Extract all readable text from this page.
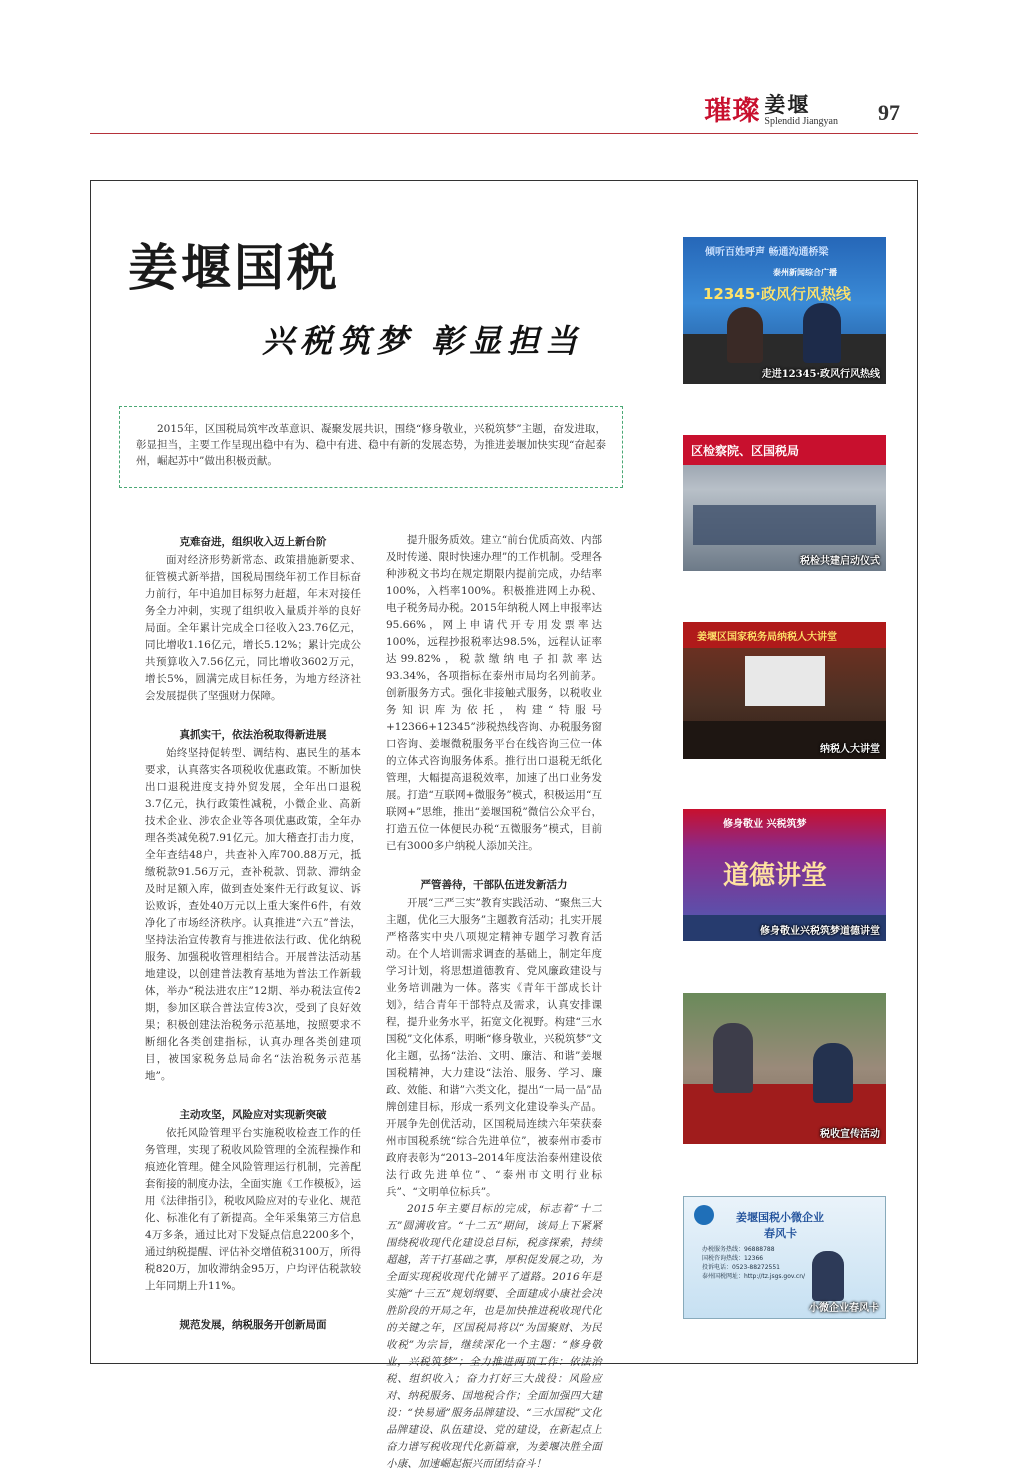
璀璨 姜堰
Splendid Jiangyan 97
姜堰国税
兴税筑梦 彰显担当
2015年，区国税局筑牢改革意识、凝聚发展共识，围绕“修身敬业，兴税筑梦”主题，奋发进取，彰显担当，主要工作呈现出稳中有为、稳中有进、稳中有新的发展态势，为推进姜堰加快实现“奋起泰州，崛起苏中”做出积极贡献。
克难奋进，组织收入迈上新台阶

面对经济形势新常态、政策措施新要求、征管模式新举措，国税局围绕年初工作目标奋力前行，年中追加目标努力赶超，年末对接任务全力冲刺，实现了组织收入量质并举的良好局面。全年累计完成全口径收入23.76亿元，同比增收1.16亿元，增长5.12%；累计完成公共预算收入7.56亿元，同比增收3602万元，增长5%，圆满完成目标任务，为地方经济社会发展提供了坚强财力保障。

真抓实干，依法治税取得新进展

始终坚持促转型、调结构、惠民生的基本要求，认真落实各项税收优惠政策。不断加快出口退税进度支持外贸发展，全年出口退税3.7亿元，执行政策性减税，小微企业、高新技术企业、涉农企业等各项优惠政策，全年办理各类减免税7.91亿元。加大稽查打击力度，全年查结48户，共查补入库700.88万元，抵缴税款91.56万元，查补税款、罚款、滞纳金及时足额入库，做到查处案件无行政复议、诉讼败诉，查处40万元以上重大案件6件，有效净化了市场经济秩序。认真推进“六五”普法，坚持法治宣传教育与推进依法行政、优化纳税服务、加强税收管理相结合。开展普法活动基地建设，以创建普法教育基地为普法工作新载体，举办“税法进农庄”12期、举办税法宣传2期，参加区联合普法宣传3次，受到了良好效果；积极创建法治税务示范基地，按照要求不断细化各类创建指标，认真办理各类创建项目，被国家税务总局命名“法治税务示范基地”。

主动攻坚，风险应对实现新突破

依托风险管理平台实施税收检查工作的任务管理，实现了税收风险管理的全流程操作和痕迹化管理。健全风险管理运行机制，完善配套衔接的制度办法，全面实施《工作模板》，运用《法律指引》，税收风险应对的专业化、规范化、标准化有了新提高。全年采集第三方信息4万多条，通过比对下发疑点信息2200多个，通过纳税提醒、评估补交增值税3100万，所得税820万，加收滞纳金95万，户均评估税款较上年同期上升11%。

规范发展，纳税服务开创新局面

提升服务质效。建立“前台优质高效、内部及时传递、限时快速办理”的工作机制。受理各种涉税文书均在规定期限内提前完成，办结率100%，入档率100%。积极推进网上办税、电子税务局办税。2015年纳税人网上申报率达95.66%，网上申请代开专用发票率达100%，远程抄报税率达98.5%，远程认证率达99.82%，税款缴纳电子扣款率达93.34%，各项指标在泰州市局均名列前茅。创新服务方式。强化非接触式服务，以税收业务知识库为依托，构建“特服号+12366+12345”涉税热线咨询、办税服务窗口咨询、姜堰微税服务平台在线咨询三位一体的立体式咨询服务体系。推行出口退税无纸化管理，大幅提高退税效率，加速了出口业务发展。打造“互联网+微服务”模式，积极运用“互联网+”思维，推出“姜堰国税”微信公众平台，打造五位一体便民办税“五微服务”模式，目前已有3000多户纳税人添加关注。

严管善待，干部队伍迸发新活力

开展“三严三实”教育实践活动、“聚焦三大主题，优化三大服务”主题教育活动；扎实开展严格落实中央八项规定精神专题学习教育活动。在个人培训需求调查的基础上，制定年度学习计划，将思想道德教育、党风廉政建设与业务培训融为一体。落实《青年干部成长计划》，结合青年干部特点及需求，认真安排课程，提升业务水平，拓宽文化视野。构建“三水国税”文化体系，明晰“修身敬业，兴税筑梦”文化主题，弘扬“法治、文明、廉洁、和谐”姜堰国税精神，大力建设“法治、服务、学习、廉政、效能、和谐”六类文化，提出“一局一品”品牌创建目标，形成一系列文化建设拳头产品。开展争先创优活动，区国税局连续六年荣获泰州市国税系统“综合先进单位”，被泰州市委市政府表彰为“2013–2014年度法治泰州建设依法行政先进单位”、“泰州市文明行业标兵”、“文明单位标兵”。

2015年主要目标的完成，标志着“十二五”圆满收官。“十二五”期间，该局上下紧紧围绕税收现代化建设总目标，税彦探索，持续超越，苦干打基础之事，厚积促发展之功，为全面实现税收现代化铺平了道路。2016年是实施“十三五”规划纲要、全面建成小康社会决胜阶段的开局之年，也是加快推进税收现代化的关键之年，区国税局将以“为国聚财、为民收税”为宗旨，继续深化一个主题：“修身敬业，兴税筑梦”；全力推进两项工作：依法治税、组织收入；奋力打好三大战役：风险应对、纳税服务、国地税合作；全面加强四大建设：“快易通”服务品牌建设、“三水国税”文化品牌建设、队伍建设、党的建设，在新起点上奋力谱写税收现代化新篇章，为姜堰决胜全面小康、加速崛起振兴而团结奋斗！

倾听百姓呼声 畅通沟通桥梁
泰州新闻综合广播
12345·政风行风热线
走进12345·政风行风热线
区检察院、区国税局
税检共建启动仪式
姜堰区国家税务局纳税人大讲堂
纳税人大讲堂
修身敬业 兴税筑梦
道德讲堂
修身敬业兴税筑梦道德讲堂
税收宣传活动
姜堰国税小微企业
春风卡
办税服务热线：96888788
国税咨询热线：12366
投诉电话：0523-88272551
泰州国税网址：http://tz.jsgs.gov.cn/
小微企业春风卡
